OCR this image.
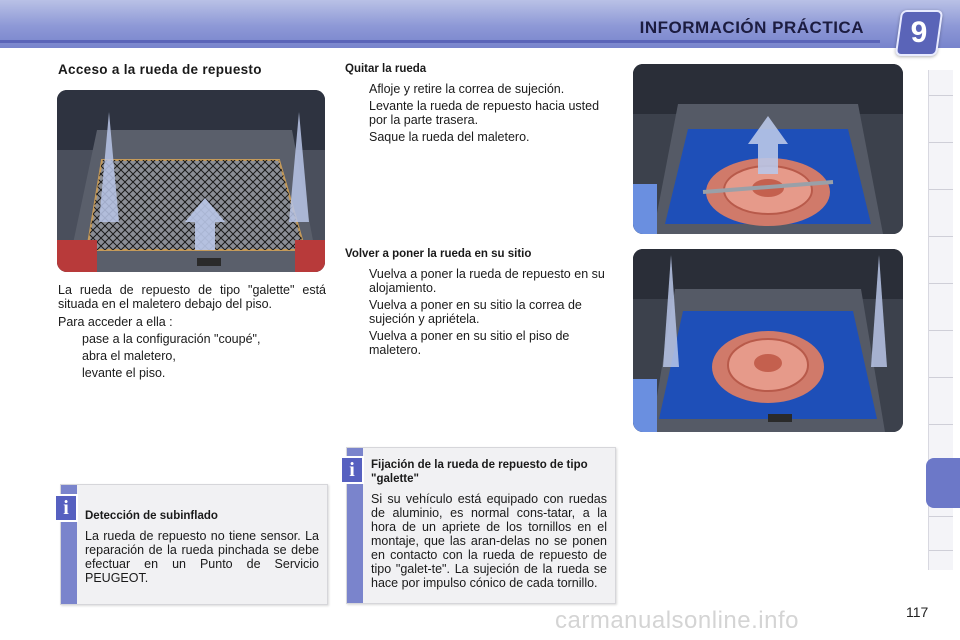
INFORMACIÓN PRÁCTICA	9
Acceso a la rueda de repuesto

La rueda de repuesto de tipo "galette" está situada en el maletero debajo del piso.

Para acceder a ella :

pase a la configuración "coupé",
abra el maletero,
levante el piso.

Quitar la rueda

Afloje y retire la correa de sujeción.
Levante la rueda de repuesto hacia usted por la parte trasera.
Saque la rueda del maletero.

Volver a poner la rueda en su sitio

Vuelva a poner la rueda de repuesto en su alojamiento.
Vuelva a poner en su sitio la correa de sujeción y apriétela.
Vuelva a poner en su sitio el piso de maletero.
Detección de subinflado

La rueda de repuesto no tiene sensor. La reparación de la rueda pinchada se debe efectuar en un Punto de Servicio PEUGEOT.

i
Fijación de la rueda de repuesto de tipo "galette"

Si su vehículo está equipado con ruedas de aluminio, es normal cons-tatar, a la hora de un apriete de los tornillos en el montaje, que las aran-delas no se ponen en contacto con la rueda de repuesto de tipo "galet-te". La sujeción de la rueda se hace por impulso cónico de cada tornillo.

i
carmanualsonline.info	117
